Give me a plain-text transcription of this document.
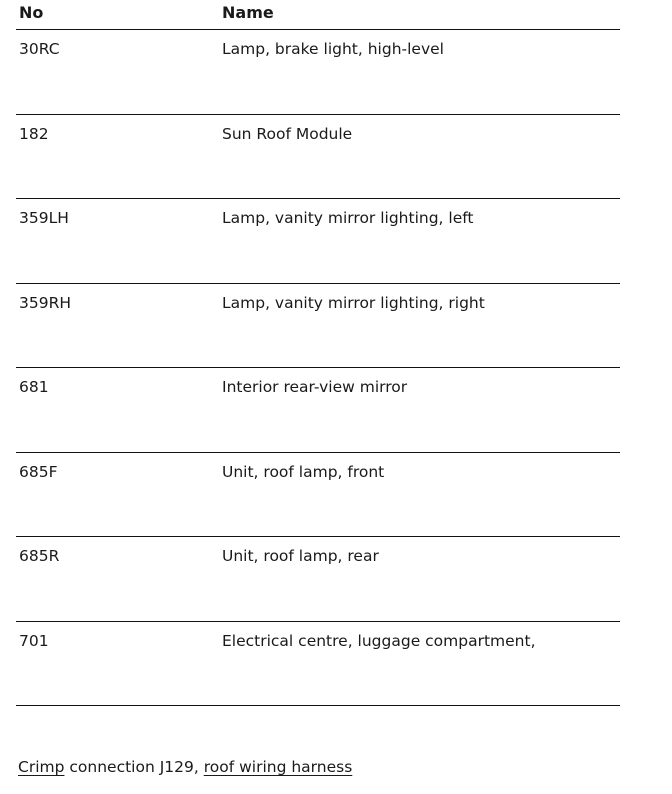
No	Name
30RC	Lamp, brake light, high-level
182	Sun Roof Module
359LH	Lamp, vanity mirror lighting, left
359RH	Lamp, vanity mirror lighting, right
681	Interior rear-view mirror
685F	Unit, roof lamp, front
685R	Unit, roof lamp, rear
701	Electrical centre, luggage compartment,
Crimp connection J129, roof wiring harness
